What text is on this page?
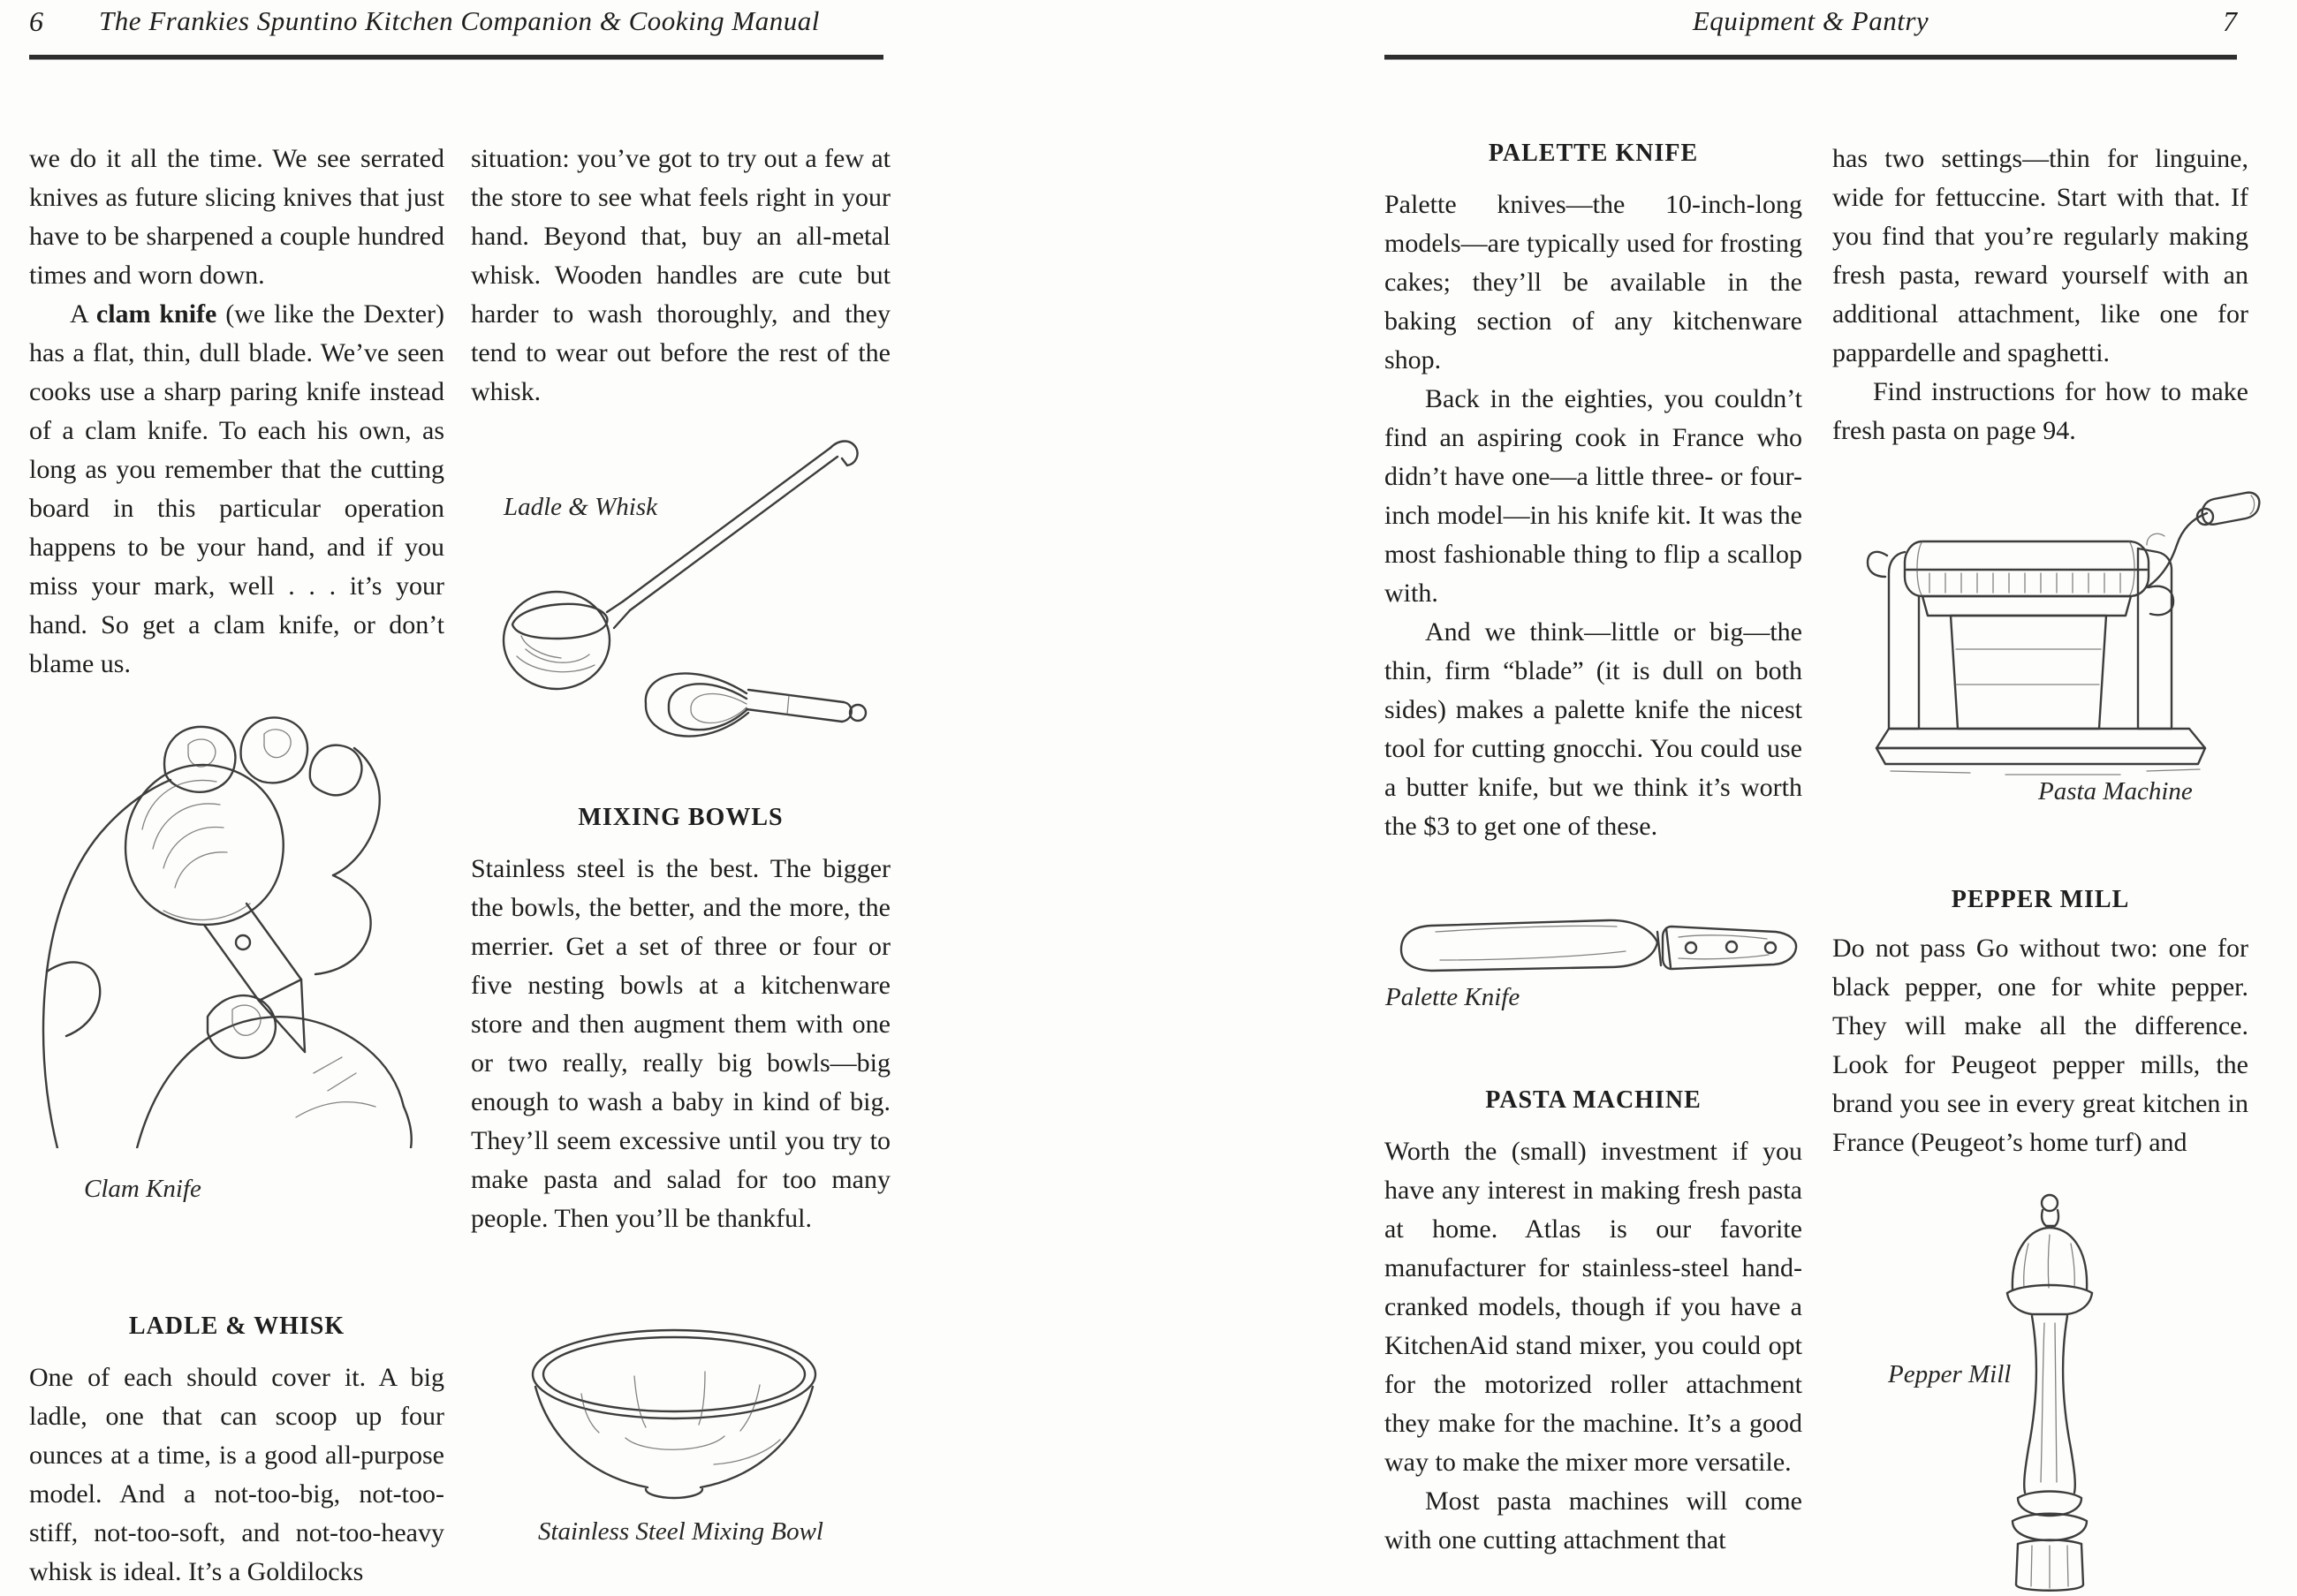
6 The Frankies Spuntino Kitchen Companion & Cooking Manual	Equipment & Pantry	7

we do it all the time. We see serrated knives as future slicing knives that just have to be sharpened a couple hundred times and worn down.

A clam knife (we like the Dexter) has a flat, thin, dull blade. We’ve seen cooks use a sharp paring knife instead of a clam knife. To each his own, as long as you remember that the cutting board in this particular operation happens to be your hand, and if you miss your mark, well . . . it’s your hand. So get a clam knife, or don’t blame us.

Clam Knife
LADLE & WHISK

One of each should cover it. A big ladle, one that can scoop up four ounces at a time, is a good all-purpose model. And a not-too-big, not-too-stiff, not-too-soft, and not-too-heavy whisk is ideal. It’s a Goldilocks

situation: you’ve got to try out a few at the store to see what feels right in your hand. Beyond that, buy an all-metal whisk. Wooden handles are cute but harder to wash thoroughly, and they tend to wear out before the rest of the whisk.

Ladle & Whisk
MIXING BOWLS

Stainless steel is the best. The bigger the bowls, the better, and the more, the merrier. Get a set of three or four or five nesting bowls at a kitchenware store and then augment them with one or two really, really big bowls—big enough to wash a baby in kind of big. They’ll seem excessive until you try to make pasta and salad for too many people. Then you’ll be thankful.

Stainless Steel Mixing Bowl
PALETTE KNIFE

Palette knives—the 10-inch-long models—are typically used for frosting cakes; they’ll be available in the baking section of any kitchenware shop.

Back in the eighties, you couldn’t find an aspiring cook in France who didn’t have one—a little three- or four-inch model—in his knife kit. It was the most fashionable thing to flip a scallop with.

And we think—little or big—the thin, firm “blade” (it is dull on both sides) makes a palette knife the nicest tool for cutting gnocchi. You could use a butter knife, but we think it’s worth the $3 to get one of these.

Palette Knife
PASTA MACHINE

Worth the (small) investment if you have any interest in making fresh pasta at home. Atlas is our favorite manufacturer for stainless-steel hand-cranked models, though if you have a KitchenAid stand mixer, you could opt for the motorized roller attachment they make for the machine. It’s a good way to make the mixer more versatile.

Most pasta machines will come with one cutting attachment that

has two settings—thin for linguine, wide for fettuccine. Start with that. If you find that you’re regularly making fresh pasta, reward yourself with an additional attachment, like one for pappardelle and spaghetti.

Find instructions for how to make fresh pasta on page 94.

Pasta Machine
PEPPER MILL

Do not pass Go without two: one for black pepper, one for white pepper. They will make all the difference. Look for Peugeot pepper mills, the brand you see in every great kitchen in France (Peugeot’s home turf) and

Pepper Mill
